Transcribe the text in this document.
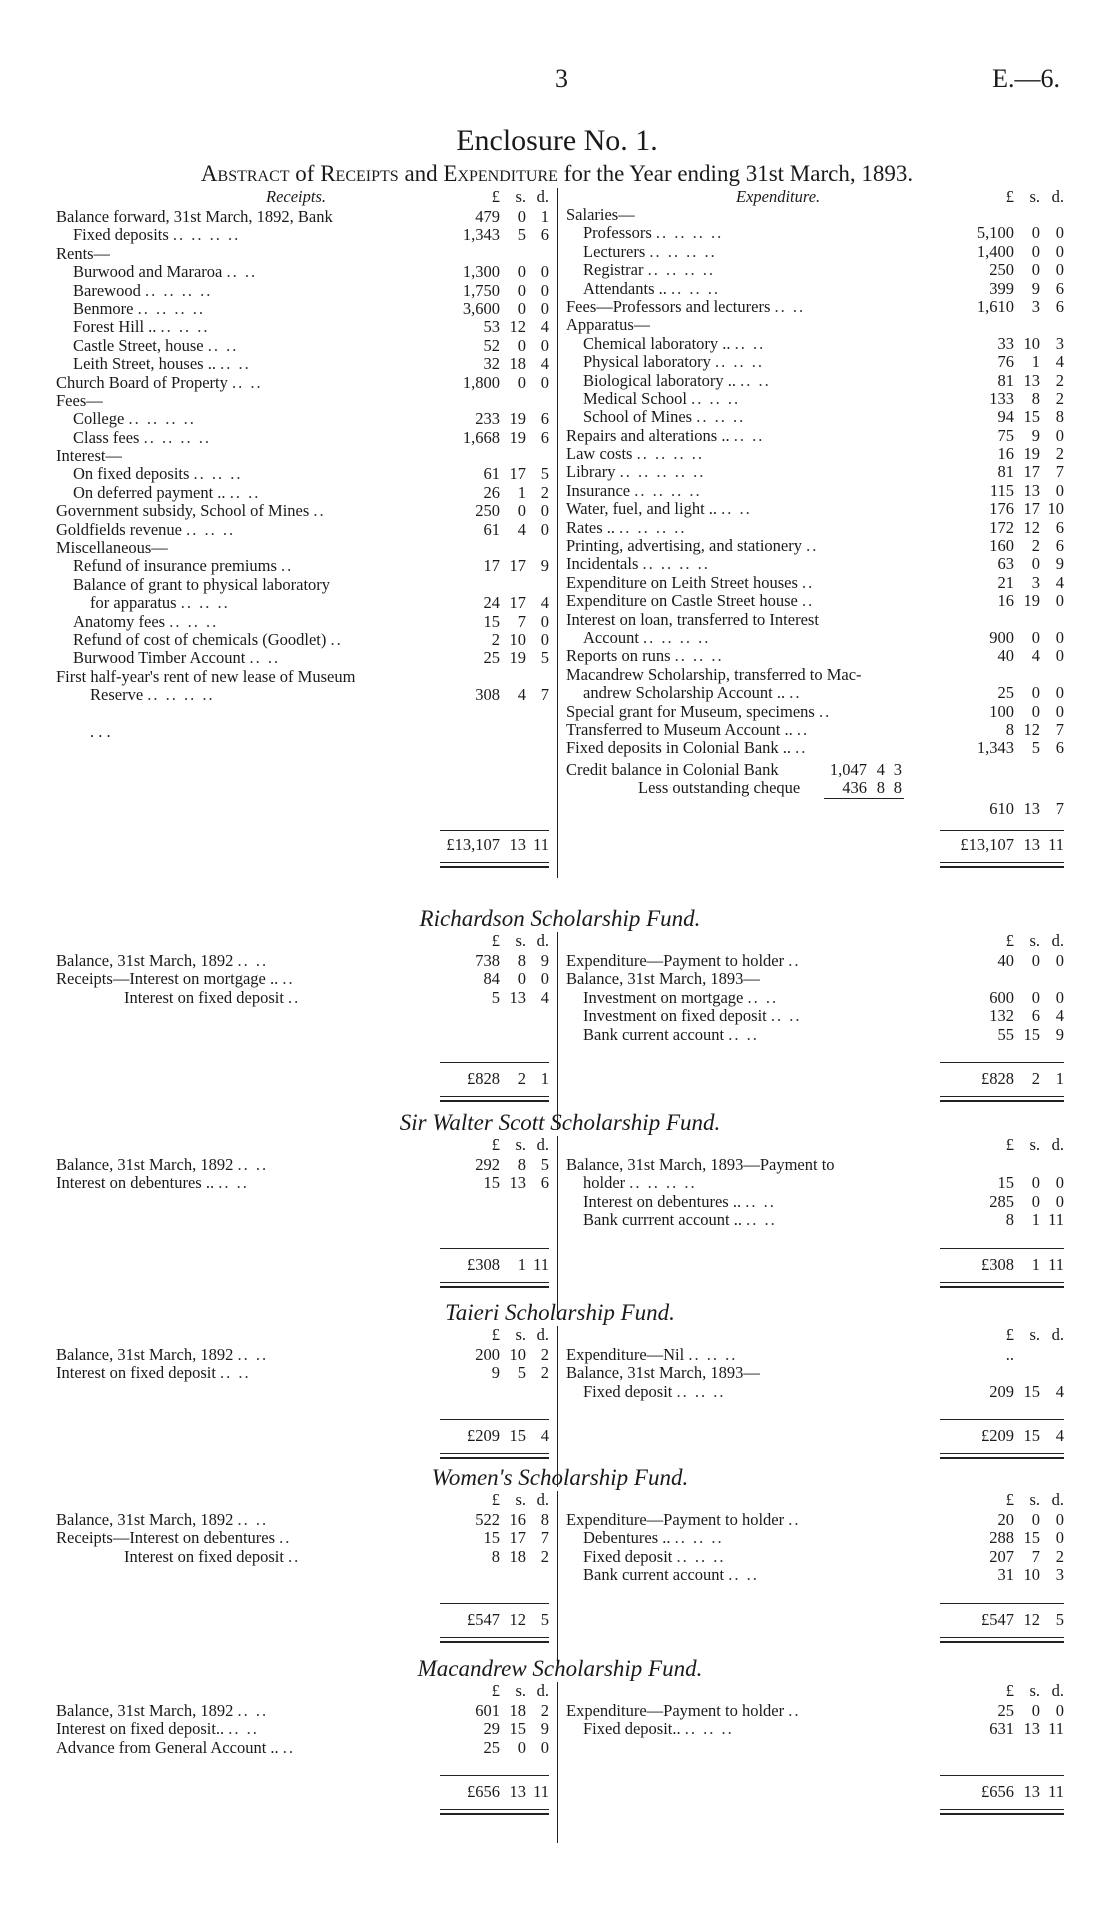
3	E.—6.
Enclosure No. 1.
Abstract of Receipts and Expenditure for the Year ending 31st March, 1893.
Receipts.	£ s. d.	Expenditure.	£ s. d.
Balance forward, 31st March, 1892, Bank	479	0 1
Fixed deposits .. .. .. ..	1,343	5 6
Rents—
Burwood and Mararoa .. ..	1,300	0 0
Barewood .. .. .. ..	1,750	0 0
Benmore .. .. .. ..	3,600	0 0
Forest Hill .. .. .. ..	53 12 4
Castle Street, house .. ..	52	0 0
Leith Street, houses .. .. ..	32 18 4
Church Board of Property .. ..	1,800	0 0
Fees—
College .. .. .. ..	233 19 6
Class fees .. .. .. ..	1,668 19 6
Interest—
On fixed deposits .. .. ..	61 17 5
On deferred payment .. .. ..	26	1 2
Government subsidy, School of Mines ..	250	0 0
Goldfields revenue .. .. ..	61	4 0
Miscellaneous—
Refund of insurance premiums ..	17 17 9
Balance of grant to physical laboratory
for apparatus .. .. ..	24 17 4
Anatomy fees .. .. ..	15	7 0
Refund of cost of chemicals (Goodlet) ..	2 10 0
Burwood Timber Account .. ..	25 19 5
First half-year's rent of new lease of Museum
Reserve .. .. .. ..	308	4 7
. . .
Salaries—
Professors .. .. .. ..	5,100	0 0
Lecturers .. .. .. ..	1,400	0 0
Registrar .. .. .. ..	250	0 0
Attendants .. .. .. ..	399	9 6
Fees—Professors and lecturers .. ..	1,610	3 6
Apparatus—
Chemical laboratory .. .. ..	33 10 3
Physical laboratory .. .. ..	76	1 4
Biological laboratory .. .. ..	81 13 2
Medical School .. .. ..	133	8 2
School of Mines .. .. ..	94 15 8
Repairs and alterations .. .. ..	75	9 0
Law costs .. .. .. ..	16 19 2
Library .. .. .. .. ..	81 17 7
Insurance .. .. .. ..	115 13 0
Water, fuel, and light .. .. ..	176 17 10
Rates .. .. .. .. ..	172 12 6
Printing, advertising, and stationery ..	160	2 6
Incidentals .. .. .. ..	63	0 9
Expenditure on Leith Street houses ..	21	3 4
Expenditure on Castle Street house ..	16 19 0
Interest on loan, transferred to Interest
Account .. .. .. ..	900	0 0
Reports on runs .. .. ..	40	4 0
Macandrew Scholarship, transferred to Mac-
andrew Scholarship Account .. ..	25	0 0
Special grant for Museum, specimens ..	100	0 0
Transferred to Museum Account .. ..	8 12 7
Fixed deposits in Colonial Bank .. ..	1,343	5 6
Credit balance in Colonial Bank	1,047 4 3
Less outstanding cheque	436 8 8
610 13 7
£13,107 13 11	£13,107 13 11
Richardson Scholarship Fund.
£ s. d.	£ s. d.
Balance, 31st March, 1892 .. ..	738	8 9
Receipts—Interest on mortgage .. ..	84	0 0
Interest on fixed deposit ..	5 13 4
Expenditure—Payment to holder ..	40	0 0
Balance, 31st March, 1893—
Investment on mortgage .. ..	600	0 0
Investment on fixed deposit .. ..	132	6 4
Bank current account .. ..	55 15 9
£828	2 1	£828	2 1
Sir Walter Scott Scholarship Fund.
£ s. d.	£ s. d.
Balance, 31st March, 1892 .. ..	292	8 5
Interest on debentures .. .. ..	15 13 6
Balance, 31st March, 1893—Payment to
holder .. .. .. ..	15	0 0
Interest on debentures .. .. ..	285	0 0
Bank currrent account .. .. ..	8	1 11
£308	1 11	£308	1 11
Taieri Scholarship Fund.
£ s. d.	£ s. d.
Balance, 31st March, 1892 .. ..	200 10 2
Interest on fixed deposit .. ..	9	5 2
Expenditure—Nil .. .. ..	..
Balance, 31st March, 1893—
Fixed deposit .. .. ..	209 15 4
£209 15 4	£209 15 4
Women's Scholarship Fund.
£ s. d.	£ s. d.
Balance, 31st March, 1892 .. ..	522 16 8
Receipts—Interest on debentures ..	15 17 7
Interest on fixed deposit ..	8 18 2
Expenditure—Payment to holder ..	20	0 0
Debentures .. .. .. ..	288 15 0
Fixed deposit .. .. ..	207	7 2
Bank current account .. ..	31 10 3
£547 12 5	£547 12 5
Macandrew Scholarship Fund.
£ s. d.	£ s. d.
Balance, 31st March, 1892 .. ..	601 18 2
Interest on fixed deposit.. .. ..	29 15 9
Advance from General Account .. ..	25	0 0
Expenditure—Payment to holder ..	25	0 0
Fixed deposit.. .. .. ..	631 13 11
£656 13 11	£656 13 11
